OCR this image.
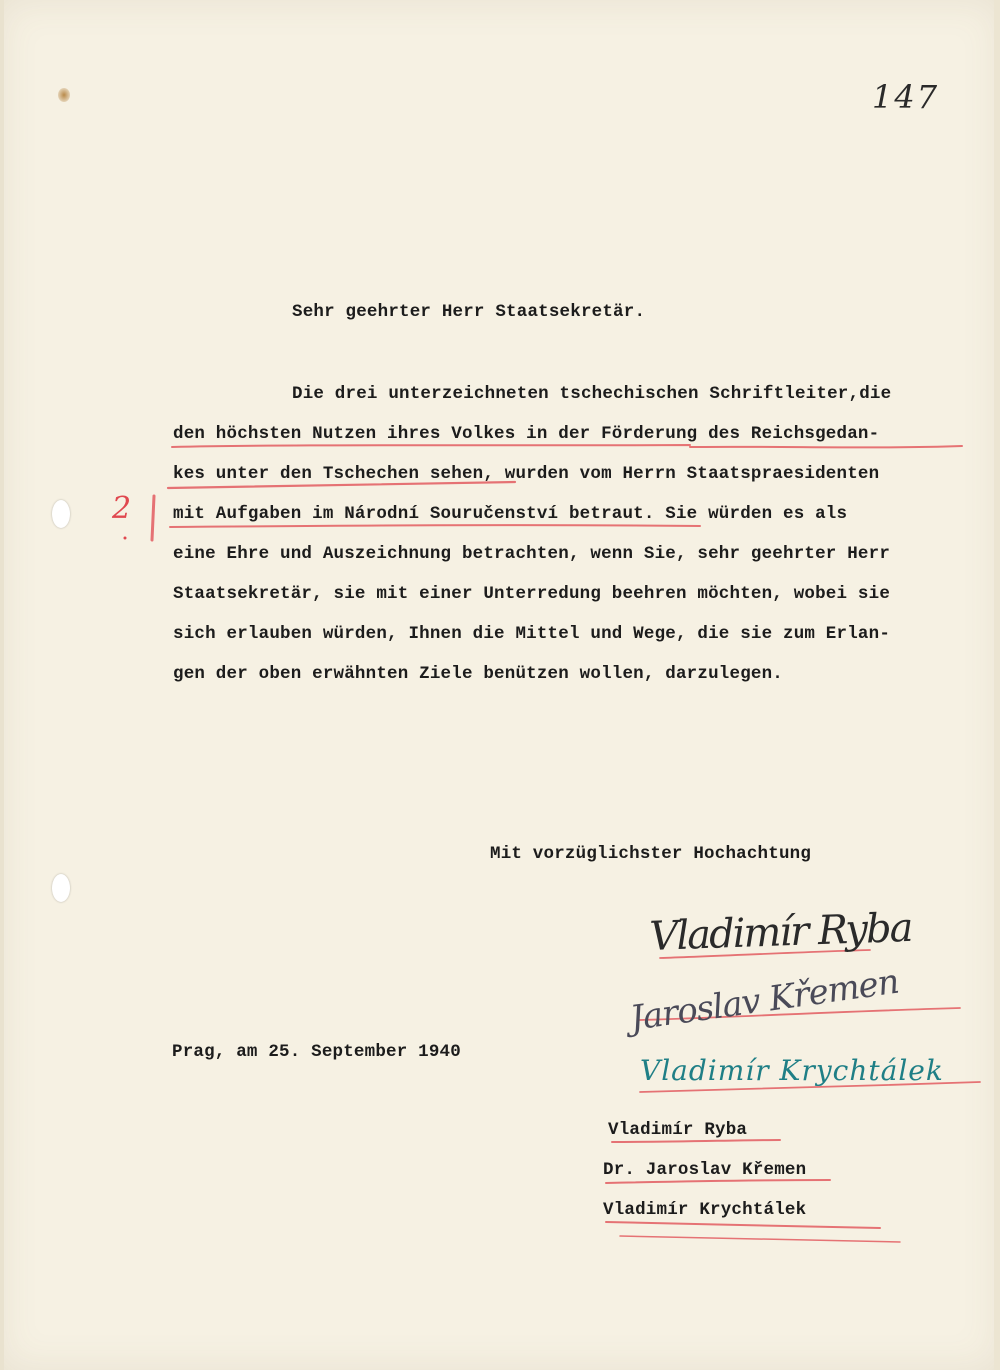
147
Sehr geehrter Herr Staatsekretär.
Die drei unterzeichneten tschechischen Schriftleiter,die
den höchsten Nutzen ihres Volkes in der Förderung des Reichsgedan-
kes unter den Tschechen sehen, wurden vom Herrn Staatspraesidenten
mit Aufgaben im Národní Souručenství betraut. Sie würden es als
eine Ehre und Auszeichnung betrachten, wenn Sie, sehr geehrter Herr
Staatsekretär, sie mit einer Unterredung beehren möchten, wobei sie
sich erlauben würden, Ihnen die Mittel und Wege, die sie zum Erlan-
gen der oben erwähnten Ziele benützen wollen, darzulegen.
Mit vorzüglichster Hochachtung
Prag, am 25. September 1940
Vladimír Ryba
Dr. Jaroslav Křemen
Vladimír Krychtálek
2
Vladimír Ryba
Jaroslav Křemen
Vladimír Krychtálek
